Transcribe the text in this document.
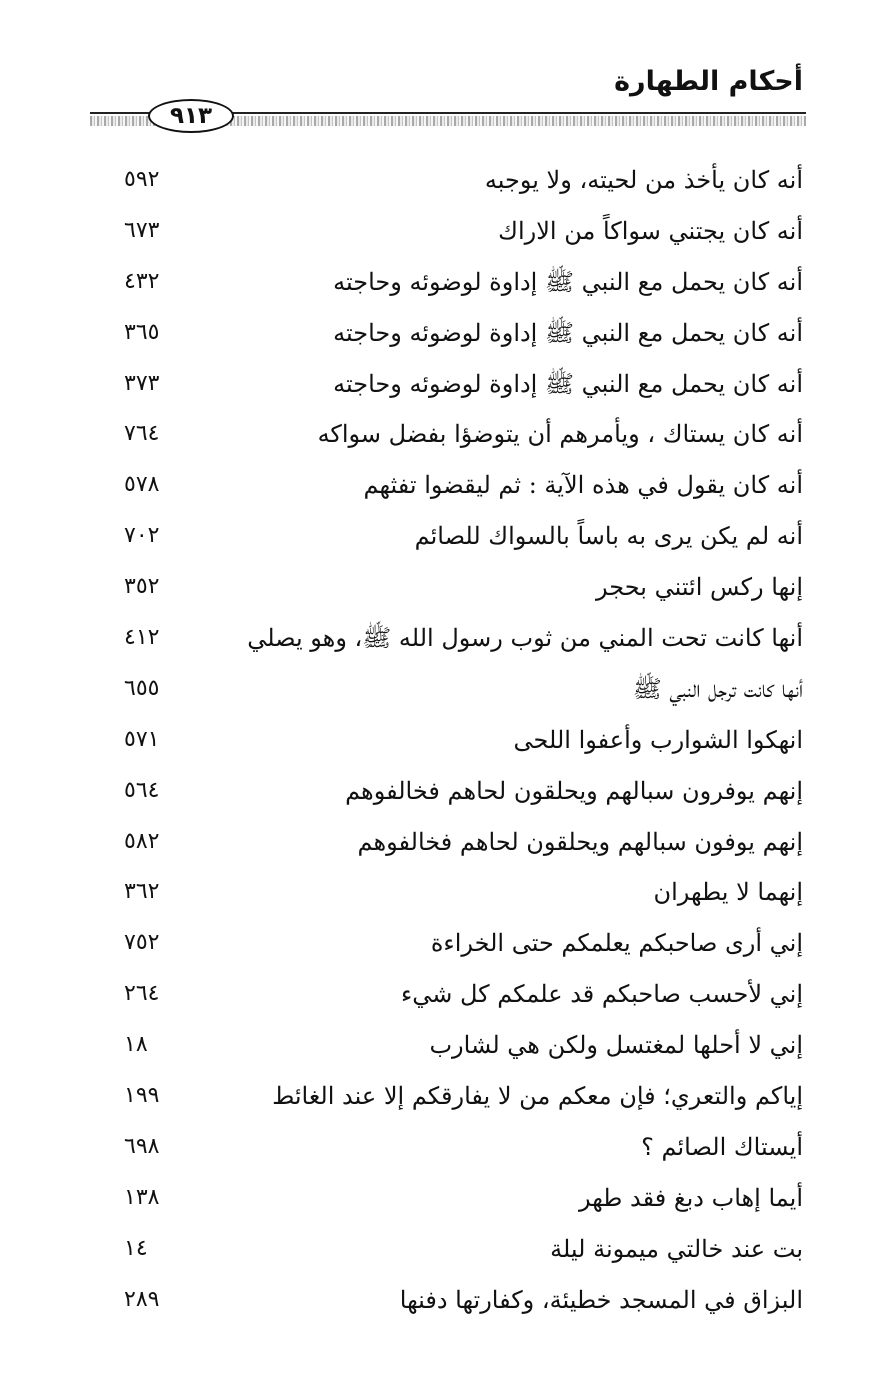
أحكام الطهارة
٩١٣
أنه كان يأخذ من لحيته، ولا يوجبه
٥٩٢
أنه كان يجتني سواكاً من الاراك
٦٧٣
أنه كان يحمل مع النبي ﷺ إداوة لوضوئه وحاجته
٤٣٢
أنه كان يحمل مع النبي ﷺ إداوة لوضوئه وحاجته
٣٦٥
أنه كان يحمل مع النبي ﷺ إداوة لوضوئه وحاجته
٣٧٣
أنه كان يستاك ، ويأمرهم أن يتوضؤا بفضل سواكه
٧٦٤
أنه كان يقول في هذه الآية : ثم ليقضوا تفثهم
٥٧٨
أنه لم يكن يرى به باساً بالسواك للصائم
٧٠٢
إنها ركس ائتني بحجر
٣٥٢
أنها كانت تحت المني من ثوب رسول الله ﷺ، وهو يصلي
٤١٢
أنها كانت ترجل النبي ﷺ
٦٥٥
انهكوا الشوارب وأعفوا اللحى
٥٧١
إنهم يوفرون سبالهم ويحلقون لحاهم فخالفوهم
٥٦٤
إنهم يوفون سبالهم ويحلقون لحاهم فخالفوهم
٥٨٢
إنهما لا يطهران
٣٦٢
إني أرى صاحبكم يعلمكم حتى الخراءة
٧٥٢
إني لأحسب صاحبكم قد علمكم كل شيء
٢٦٤
إني لا أحلها لمغتسل ولكن هي لشارب
١٨
إياكم والتعري؛ فإن معكم من لا يفارقكم إلا عند الغائط
١٩٩
أيستاك الصائم ؟
٦٩٨
أيما إهاب دبغ فقد طهر
١٣٨
بت عند خالتي ميمونة ليلة
١٤
البزاق في المسجد خطيئة، وكفارتها دفنها
٢٨٩
